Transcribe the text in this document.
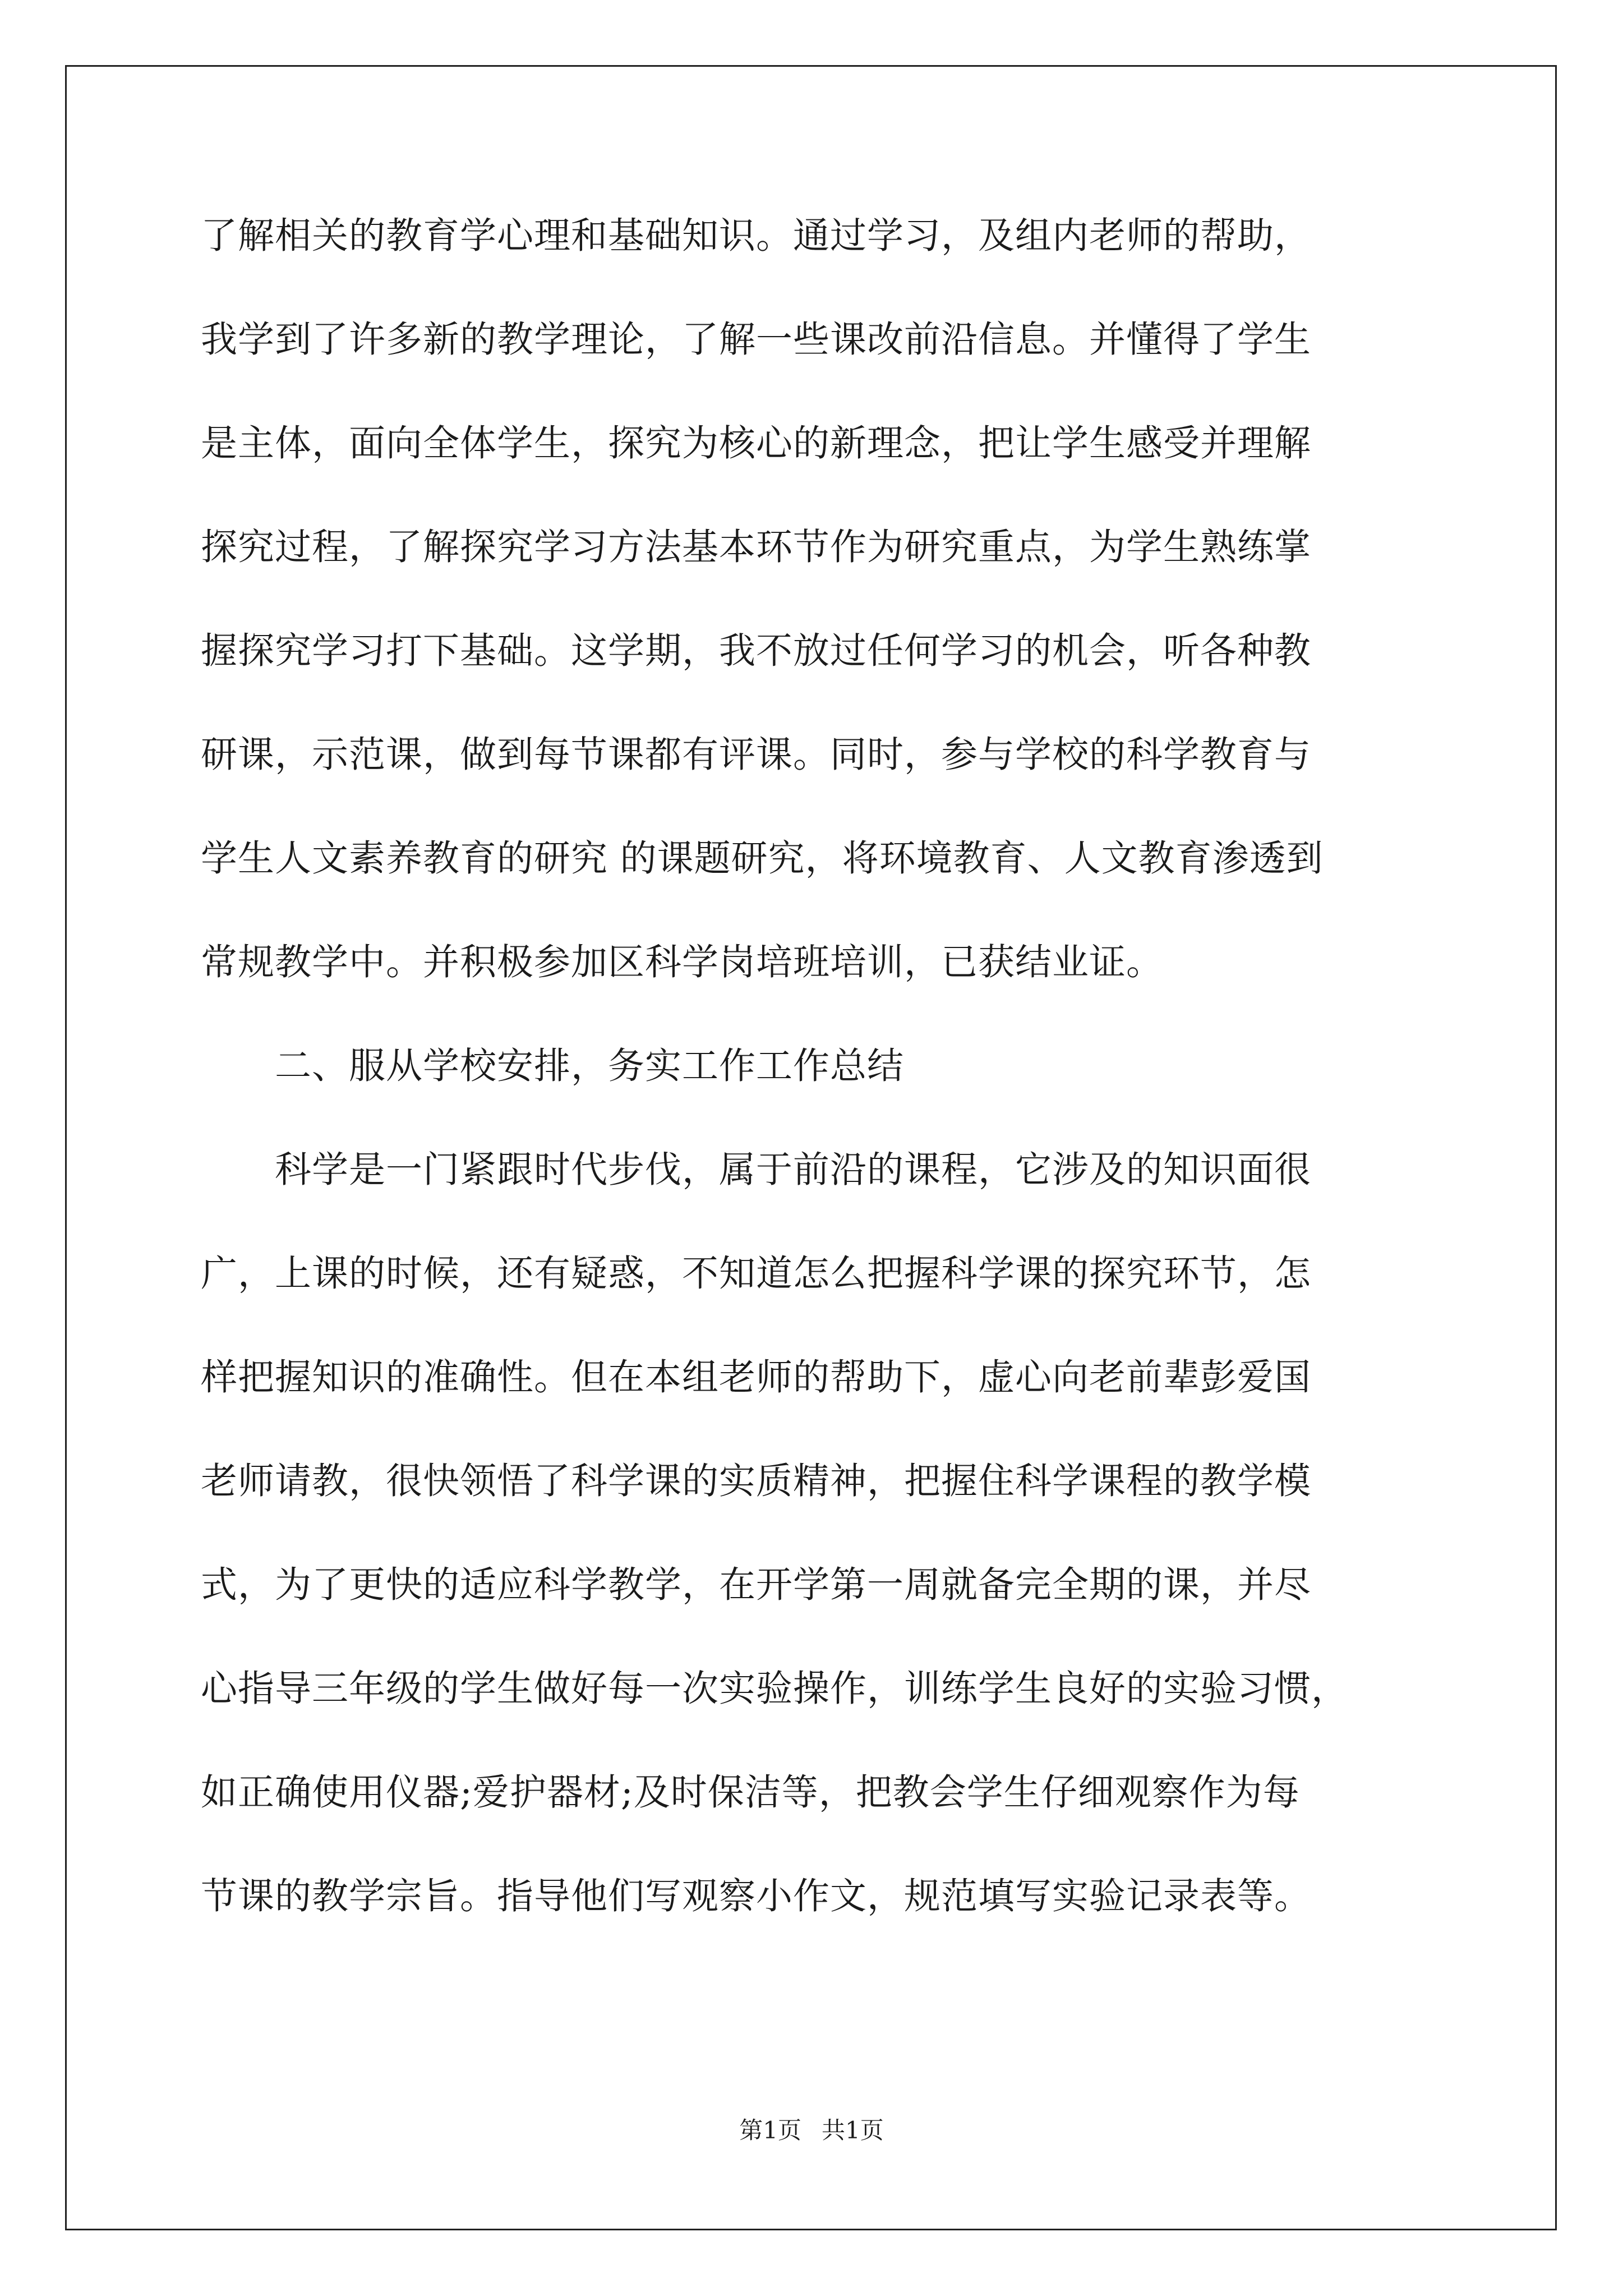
了解相关的教育学心理和基础知识。通过学习，及组内老师的帮助，
我学到了许多新的教学理论，了解一些课改前沿信息。并懂得了学生
是主体，面向全体学生，探究为核心的新理念，把让学生感受并理解
探究过程，了解探究学习方法基本环节作为研究重点，为学生熟练掌
握探究学习打下基础。这学期，我不放过任何学习的机会，听各种教
研课，示范课，做到每节课都有评课。同时，参与学校的科学教育与
学生人文素养教育的研究 的课题研究，将环境教育、人文教育渗透到
常规教学中。并积极参加区科学岗培班培训，已获结业证。
二、服从学校安排，务实工作工作总结
科学是一门紧跟时代步伐，属于前沿的课程，它涉及的知识面很
广，上课的时候，还有疑惑，不知道怎么把握科学课的探究环节，怎
样把握知识的准确性。但在本组老师的帮助下，虚心向老前辈彭爱国
老师请教，很快领悟了科学课的实质精神，把握住科学课程的教学模
式，为了更快的适应科学教学，在开学第一周就备完全期的课，并尽
心指导三年级的学生做好每一次实验操作，训练学生良好的实验习惯，
如正确使用仪器;爱护器材;及时保洁等，把教会学生仔细观察作为每
节课的教学宗旨。指导他们写观察小作文，规范填写实验记录表等。
第1页 共1页
